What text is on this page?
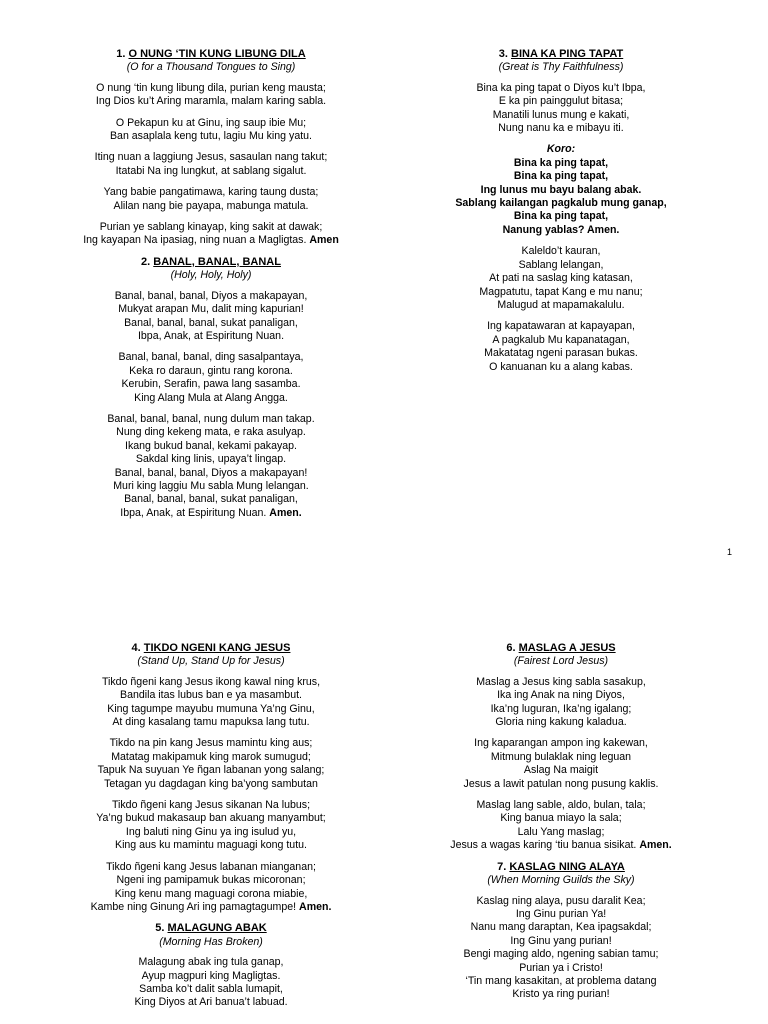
1. O NUNG ‘TIN KUNG LIBUNG DILA
(O for a Thousand Tongues to Sing)
O nung ‘tin kung libung dila, purian keng mausta;
Ing Dios ku’t Aring maramla, malam karing sabla.
O Pekapun ku at Ginu, ing saup ibie Mu;
Ban asaplala keng tutu, lagiu Mu king yatu.
Iting nuan a laggiung Jesus, sasaulan nang takut;
Itatabi Na ing lungkut, at sablang sigalut.
Yang babie pangatimawa, karing taung dusta;
Alilan nang bie payapa, mabunga matula.
Purian ye sablang kinayap, king sakit at dawak;
Ing kayapan Na ipasiag, ning nuan a Magligtas. Amen
2. BANAL, BANAL, BANAL
(Holy, Holy, Holy)
Banal, banal, banal, Diyos a makapayan,
Mukyat arapan Mu, dalit ming kapurian!
Banal, banal, banal, sukat panaligan,
Ibpa, Anak, at Espiritung Nuan.
Banal, banal, banal, ding sasalpantaya,
Keka ro daraun, gintu rang korona.
Kerubin, Serafin, pawa lang sasamba.
King Alang Mula at Alang Angga.
Banal, banal, banal, nung dulum man takap.
Nung ding kekeng mata, e raka asulyap.
Ikang bukud banal, kekami pakayap.
Sakdal king linis, upaya’t lingap.
Banal, banal, banal, Diyos a makapayan!
Muri king laggiu Mu sabla Mung lelangan.
Banal, banal, banal, sukat panaligan,
Ibpa, Anak, at Espiritung Nuan. Amen.
3. BINA KA PING TAPAT
(Great is Thy Faithfulness)
Bina ka ping tapat o Diyos ku’t Ibpa,
E ka pin painggulut bitasa;
Manatili lunus mung e kakati,
Nung nanu ka e mibayu iti.
Koro:
Bina ka ping tapat,
Bina ka ping tapat,
Ing lunus mu bayu balang abak.
Sablang kailangan pagkalub mung ganap,
Bina ka ping tapat,
Nanung yablas? Amen.
Kaleldo’t kauran,
Sablang lelangan,
At pati na saslag king katasan,
Magpatutu, tapat Kang e mu nanu;
Malugud at mapamakalulu.
Ing kapatawaran at kapayapan,
A pagkalub Mu kapanatagan,
Makatatag ngeni parasan bukas.
O kanuanan ku a alang kabas.
1
4. TIKDO NGENI KANG JESUS
(Stand Up, Stand Up for Jesus)
Tikdo ñgeni kang Jesus ikong kawal ning krus,
Bandila itas lubus ban e ya masambut.
King tagumpe mayubu mumuna Ya’ng Ginu,
At ding kasalang tamu mapuksa lang tutu.
Tikdo na pin kang Jesus mamintu king aus;
Matatag makipamuk king marok sumugud;
Tapuk Na suyuan Ye ñgan labanan yong salang;
Tetagan yu dagdagan king ba’yong sambutan
Tikdo ñgeni kang Jesus sikanan Na lubus;
Ya’ng bukud makasaup ban akuang manyambut;
Ing baluti ning Ginu ya ing isulud yu,
King aus ku mamintu maguagi kong tutu.
Tikdo ñgeni kang Jesus labanan mianganan;
Ngeni ing pamipamuk bukas micoronan;
King kenu mang maguagi corona miabie,
Kambe ning Ginung Ari ing pamagtagumpe! Amen.
5. MALAGUNG ABAK
(Morning Has Broken)
Malagung abak ing tula ganap,
Ayup magpuri king Magligtas.
Samba ko’t dalit sabla lumapit,
King Diyos at Ari banua’t labuad.
6. MASLAG A JESUS
(Fairest Lord Jesus)
Maslag a Jesus king sabla sasakup,
Ika ing Anak na ning Diyos,
Ika’ng luguran, Ika’ng igalang;
Gloria ning kakung kaladua.
Ing kaparangan ampon ing kakewan,
Mitmung bulaklak ning leguan
Aslag Na maigit
Jesus a lawit patulan nong pusung kaklis.
Maslag lang sable, aldo, bulan, tala;
King banua miayo la sala;
Lalu Yang maslag;
Jesus a wagas karing ‘tiu banua sisikat. Amen.
7. KASLAG NING ALAYA
(When Morning Guilds the Sky)
Kaslag ning alaya, pusu daralit Kea;
Ing Ginu purian Ya!
Nanu mang daraptan, Kea ipagsakdal;
Ing Ginu yang purian!
Bengi maging aldo, ngening sabian tamu;
Purian ya i Cristo!
‘Tin mang kasakitan, at problema datang
Kristo ya ring purian!
